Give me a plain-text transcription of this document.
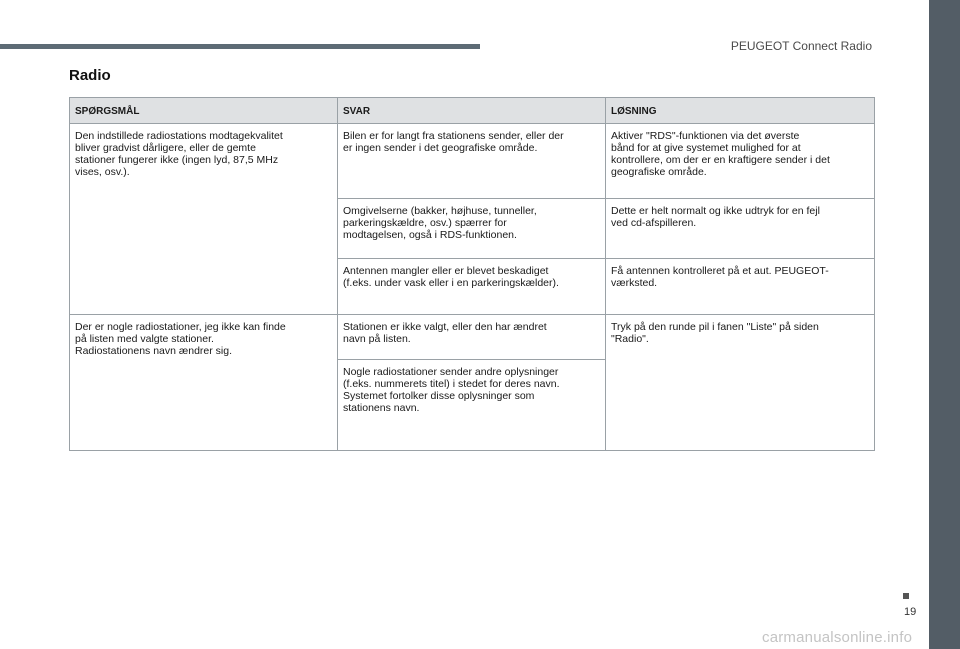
PEUGEOT Connect Radio
Radio
SPØRGSMÅL	SVAR	LØSNING

Den indstillede radiostations modtagekvalitet
bliver gradvist dårligere, eller de gemte
stationer fungerer ikke (ingen lyd, 87,5 MHz
vises, osv.).	Bilen er for langt fra stationens sender, eller der
er ingen sender i det geografiske område.	Aktiver "RDS"-funktionen via det øverste
bånd for at give systemet mulighed for at
kontrollere, om der er en kraftigere sender i det
geografiske område.

	Omgivelserne (bakker, højhuse, tunneller,
parkeringskældre, osv.) spærrer for
modtagelsen, også i RDS-funktionen.	Dette er helt normalt og ikke udtryk for en fejl
ved cd-afspilleren.

	Antennen mangler eller er blevet beskadiget
(f.eks. under vask eller i en parkeringskælder).	Få antennen kontrolleret på et aut. PEUGEOT-
værksted.

Der er nogle radiostationer, jeg ikke kan finde
på listen med valgte stationer.
Radiostationens navn ændrer sig.	Stationen er ikke valgt, eller den har ændret
navn på listen.	Tryk på den runde pil i fanen "Liste" på siden
"Radio".

	Nogle radiostationer sender andre oplysninger
(f.eks. nummerets titel) i stedet for deres navn.
Systemet fortolker disse oplysninger som
stationens navn.	
19
carmanualsonline.info
